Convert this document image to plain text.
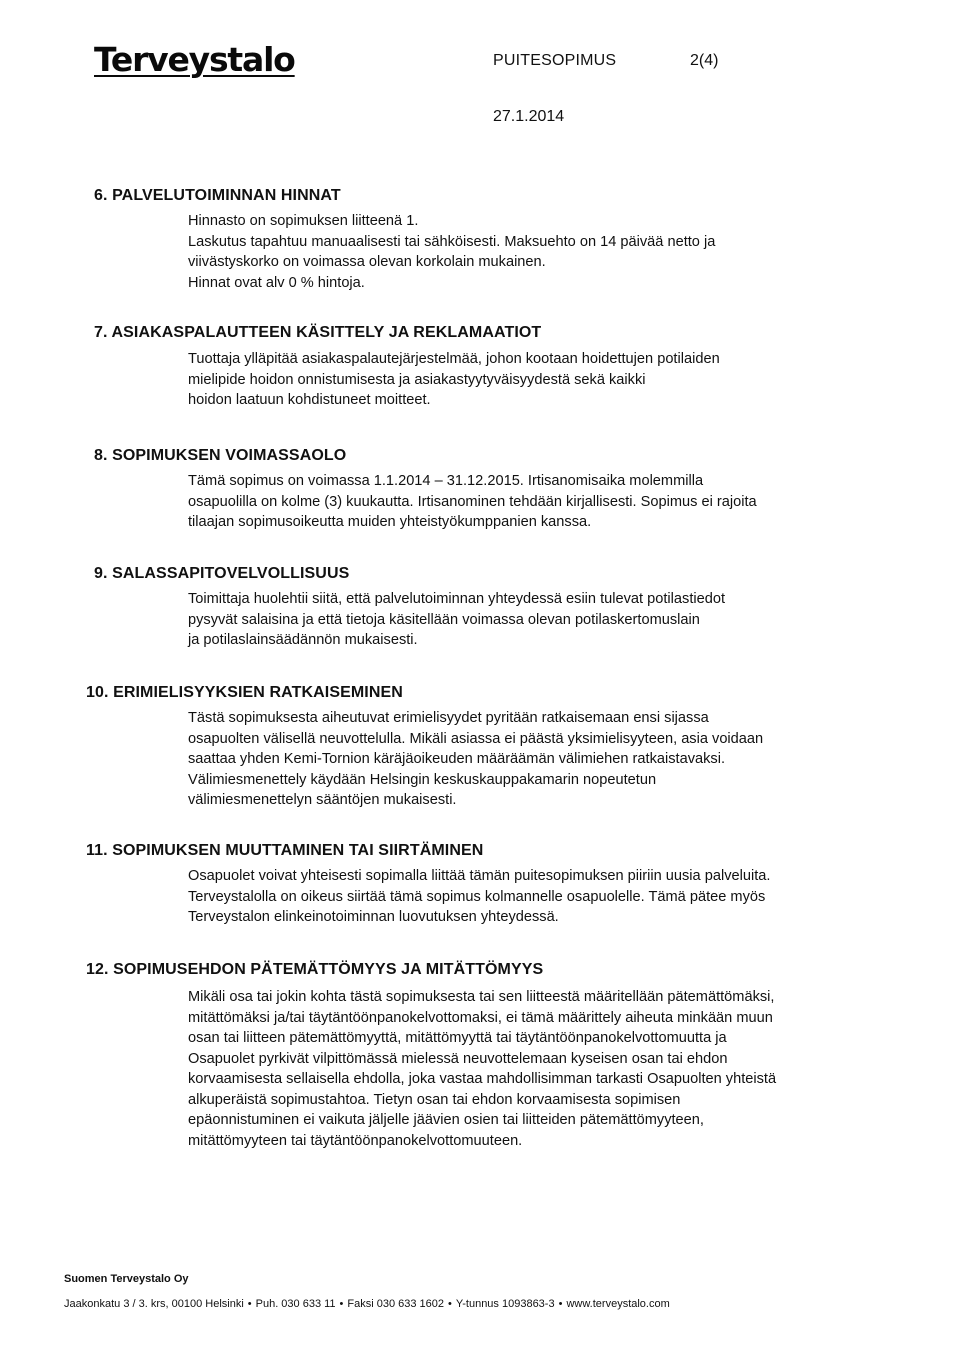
Terveystalo	PUITESOPIMUS	2(4)
27.1.2014
6. PALVELUTOIMINNAN HINNAT
Hinnasto on sopimuksen liitteenä 1.
Laskutus tapahtuu manuaalisesti tai sähköisesti. Maksuehto on 14 päivää netto ja
viivästyskorko on voimassa olevan korkolain mukainen.
Hinnat ovat alv 0 % hintoja.
7. ASIAKASPALAUTTEEN KÄSITTELY JA REKLAMAATIOT
Tuottaja ylläpitää asiakaspalautejärjestelmää, johon kootaan hoidettujen potilaiden
mielipide hoidon onnistumisesta ja asiakastyytyväisyydestä sekä kaikki
hoidon laatuun kohdistuneet moitteet.
8. SOPIMUKSEN VOIMASSAOLO
Tämä sopimus on voimassa 1.1.2014 – 31.12.2015. Irtisanomisaika molemmilla
osapuolilla on kolme (3) kuukautta. Irtisanominen tehdään kirjallisesti. Sopimus ei rajoita
tilaajan sopimusoikeutta muiden yhteistyökumppanien kanssa.
9. SALASSAPITOVELVOLLISUUS
Toimittaja huolehtii siitä, että palvelutoiminnan yhteydessä esiin tulevat potilastiedot
pysyvät salaisina ja että tietoja käsitellään voimassa olevan potilaskertomuslain
ja potilaslainsäädännön mukaisesti.
10. ERIMIELISYYKSIEN RATKAISEMINEN
Tästä sopimuksesta aiheutuvat erimielisyydet pyritään ratkaisemaan ensi sijassa
osapuolten välisellä neuvottelulla. Mikäli asiassa ei päästä yksimielisyyteen, asia voidaan
saattaa yhden Kemi-Tornion käräjäoikeuden määräämän välimiehen ratkaistavaksi.
Välimiesmenettely käydään Helsingin keskuskauppakamarin nopeutetun
välimiesmenettelyn sääntöjen mukaisesti.
11. SOPIMUKSEN MUUTTAMINEN TAI SIIRTÄMINEN
Osapuolet voivat yhteisesti sopimalla liittää tämän puitesopimuksen piiriin uusia palveluita.
Terveystalolla on oikeus siirtää tämä sopimus kolmannelle osapuolelle. Tämä pätee myös
Terveystalon elinkeinotoiminnan luovutuksen yhteydessä.
12. SOPIMUSEHDON PÄTEMÄTTÖMYYS JA MITÄTTÖMYYS
Mikäli osa tai jokin kohta tästä sopimuksesta tai sen liitteestä määritellään pätemättömäksi,
mitättömäksi ja/tai täytäntöönpanokelvottomaksi, ei tämä määrittely aiheuta minkään muun
osan tai liitteen pätemättömyyttä, mitättömyyttä tai täytäntöönpanokelvottomuutta ja
Osapuolet pyrkivät vilpittömässä mielessä neuvottelemaan kyseisen osan tai ehdon
korvaamisesta sellaisella ehdolla, joka vastaa mahdollisimman tarkasti Osapuolten yhteistä
alkuperäistä sopimustahtoa. Tietyn osan tai ehdon korvaamisesta sopimisen
epäonnistuminen ei vaikuta jäljelle jäävien osien tai liitteiden pätemättömyyteen,
mitättömyyteen tai täytäntöönpanokelvottomuuteen.
Suomen Terveystalo Oy
Jaakonkatu 3 / 3. krs, 00100 Helsinki • Puh. 030 633 11 • Faksi 030 633 1602 • Y-tunnus 1093863-3 • www.terveystalo.com
